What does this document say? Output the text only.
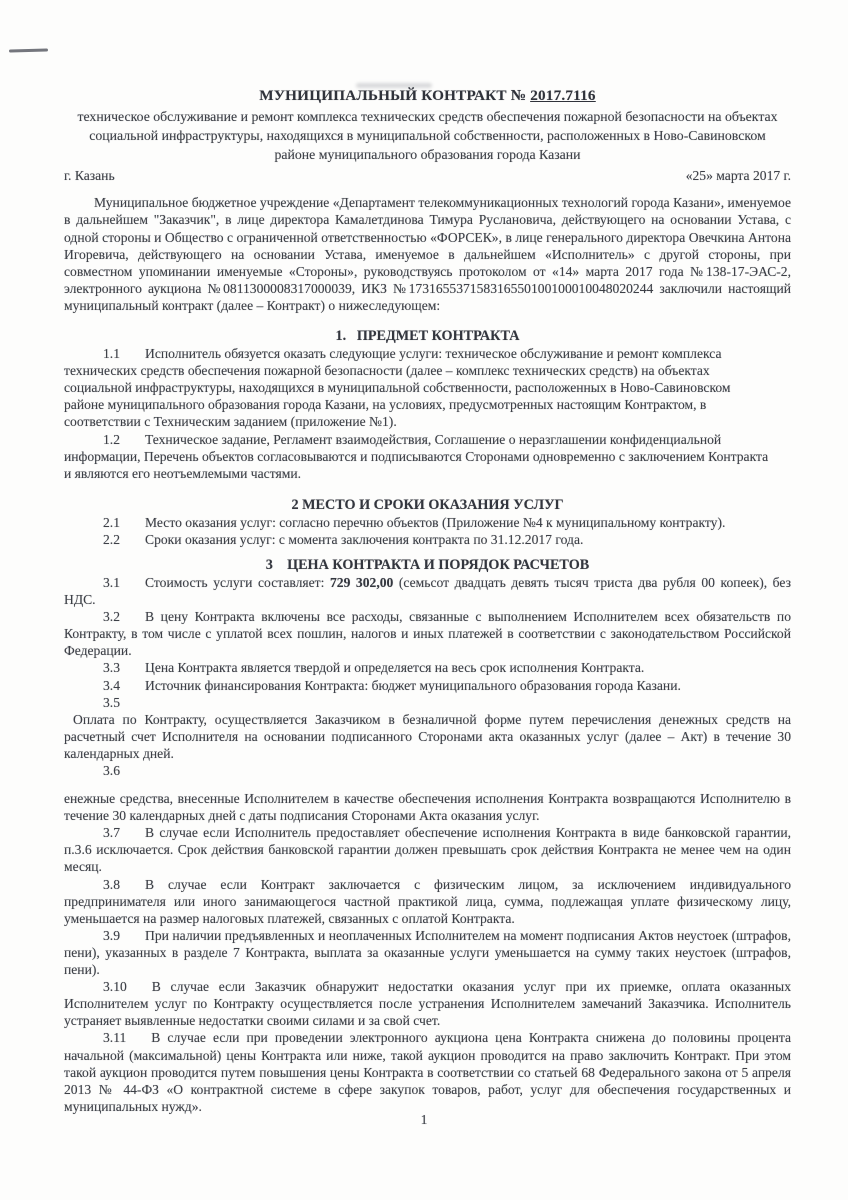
МУНИЦИПАЛЬНЫЙ КОНТРАКТ № 2017.7116
техническое обслуживание и ремонт комплекса технических средств обеспечения пожарной безопасности на объектах социальной инфраструктуры, находящихся в муниципальной собственности, расположенных в Ново-Савиновском районе муниципального образования города Казани
г. Казань	«25» марта 2017 г.

Муниципальное бюджетное учреждение «Департамент телекоммуникационных технологий города Казани», именуемое в дальнейшем "Заказчик", в лице директора Камалетдинова Тимура Руслановича, действующего на основании Устава, с одной стороны и Общество с ограниченной ответственностью «ФОРСЕК», в лице генерального директора Овечкина Антона Игоревича, действующего на основании Устава, именуемое в дальнейшем «Исполнитель» с другой стороны, при совместном упоминании именуемые «Стороны», руководствуясь протоколом от «14» марта 2017 года №138-17-ЭАС-2, электронного аукциона №0811300008317000039, ИКЗ №173165537158316550100100010048020244 заключили настоящий муниципальный контракт (далее – Контракт) о нижеследующем:

1.   ПРЕДМЕТ КОНТРАКТА

1.1 Исполнитель обязуется оказать следующие услуги: техническое обслуживание и ремонт комплекса технических средств обеспечения пожарной безопасности (далее – комплекс технических средств) на объектах социальной инфраструктуры, находящихся в муниципальной собственности, расположенных в Ново-Савиновском районе муниципального образования города Казани, на условиях, предусмотренных настоящим Контрактом, в соответствии с Техническим заданием (приложение №1).

1.2 Техническое задание, Регламент взаимодействия, Соглашение о неразглашении конфиденциальной информации, Перечень объектов согласовываются и подписываются Сторонами одновременно с заключением Контракта и являются его неотъемлемыми частями.

2 МЕСТО И СРОКИ ОКАЗАНИЯ УСЛУГ

2.1 Место оказания услуг: согласно перечню объектов (Приложение №4 к муниципальному контракту).

2.2 Сроки оказания услуг: с момента заключения контракта по 31.12.2017 года.

3    ЦЕНА КОНТРАКТА И ПОРЯДОК РАСЧЕТОВ

3.1 Стоимость услуги составляет: 729 302,00 (семьсот двадцать девять тысяч триста два рубля 00 копеек), без НДС.

3.2 В цену Контракта включены все расходы, связанные с выполнением Исполнителем всех обязательств по Контракту, в том числе с уплатой всех пошлин, налогов и иных платежей в соответствии с законодательством Российской Федерации.

3.3 Цена Контракта является твердой и определяется на весь срок исполнения Контракта.

3.4 Источник финансирования Контракта: бюджет муниципального образования города Казани.

3.5

Оплата по Контракту, осуществляется Заказчиком в безналичной форме путем перечисления денежных средств на расчетный счет Исполнителя на основании подписанного Сторонами акта оказанных услуг (далее – Акт) в течение 30 календарных дней.

3.6

енежные средства, внесенные Исполнителем в качестве обеспечения исполнения Контракта возвращаются Исполнителю в течение 30 календарных дней с даты подписания Сторонами Акта оказания услуг.

3.7 В случае если Исполнитель предоставляет обеспечение исполнения Контракта в виде банковской гарантии, п.3.6 исключается. Срок действия банковской гарантии должен превышать срок действия Контракта не менее чем на один месяц.

3.8 В случае если Контракт заключается с физическим лицом, за исключением индивидуального предпринимателя или иного занимающегося частной практикой лица, сумма, подлежащая уплате физическому лицу, уменьшается на размер налоговых платежей, связанных с оплатой Контракта.

3.9 При наличии предъявленных и неоплаченных Исполнителем на момент подписания Актов неустоек (штрафов, пени), указанных в разделе 7 Контракта, выплата за оказанные услуги уменьшается на сумму таких неустоек (штрафов, пени).

3.10 В случае если Заказчик обнаружит недостатки оказания услуг при их приемке, оплата оказанных Исполнителем услуг по Контракту осуществляется после устранения Исполнителем замечаний Заказчика. Исполнитель устраняет выявленные недостатки своими силами и за свой счет.

3.11 В случае если при проведении электронного аукциона цена Контракта снижена до половины процента начальной (максимальной) цены Контракта или ниже, такой аукцион проводится на право заключить Контракт. При этом такой аукцион проводится путем повышения цены Контракта в соответствии со статьей 68 Федерального закона от 5 апреля 2013 № 44-ФЗ «О контрактной системе в сфере закупок товаров, работ, услуг для обеспечения государственных и муниципальных нужд».

1
